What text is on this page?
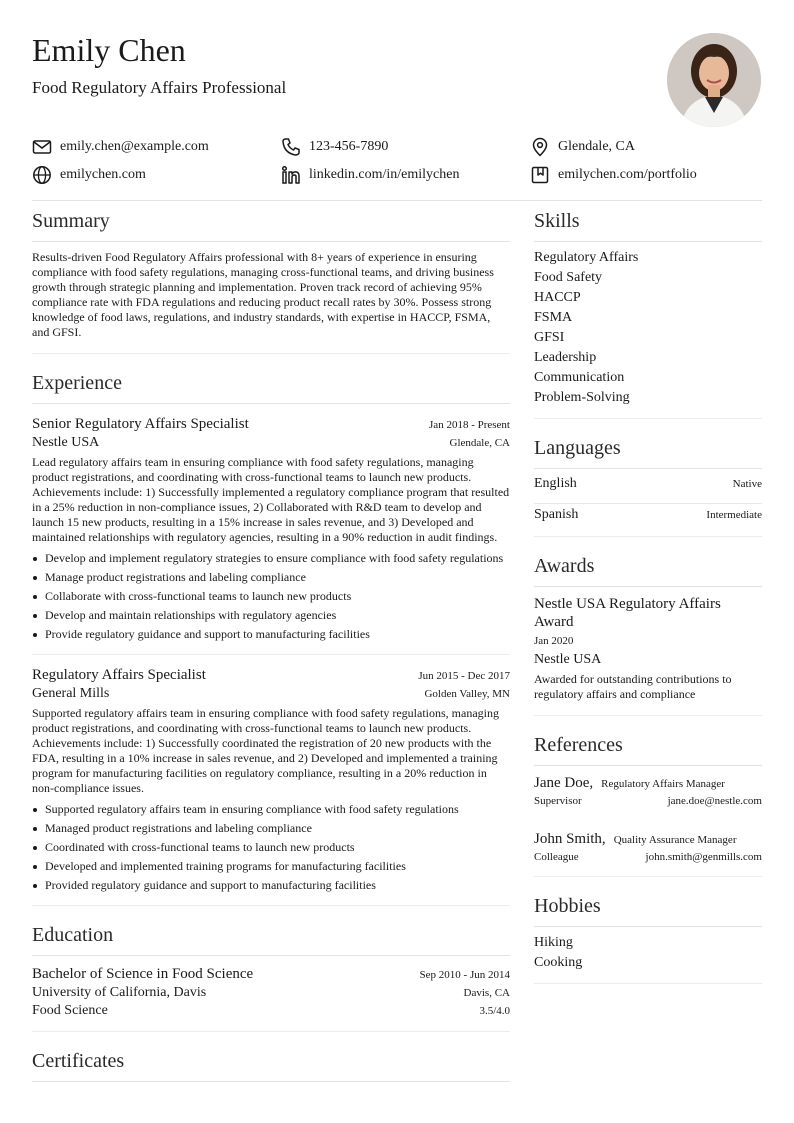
Emily Chen
Food Regulatory Affairs Professional
emily.chen@example.com	123-456-7890	Glendale, CA
emilychen.com	linkedin.com/in/emilychen	emilychen.com/portfolio
Summary
Results-driven Food Regulatory Affairs professional with 8+ years of experience in ensuring compliance with food safety regulations, managing cross-functional teams, and driving business growth through strategic planning and implementation. Proven track record of achieving 95% compliance rate with FDA regulations and reducing product recall rates by 30%. Possess strong knowledge of food laws, regulations, and industry standards, with expertise in HACCP, FSMA, and GFSI.
Experience
Senior Regulatory Affairs Specialist	Jan 2018 - Present
Nestle USA	Glendale, CA
Lead regulatory affairs team in ensuring compliance with food safety regulations, managing product registrations, and coordinating with cross-functional teams to launch new products. Achievements include: 1) Successfully implemented a regulatory compliance program that resulted in a 25% reduction in non-compliance issues, 2) Collaborated with R&D team to develop and launch 15 new products, resulting in a 15% increase in sales revenue, and 3) Developed and maintained relationships with regulatory agencies, resulting in a 90% reduction in audit findings.
Develop and implement regulatory strategies to ensure compliance with food safety regulations
Manage product registrations and labeling compliance
Collaborate with cross-functional teams to launch new products
Develop and maintain relationships with regulatory agencies
Provide regulatory guidance and support to manufacturing facilities
Regulatory Affairs Specialist	Jun 2015 - Dec 2017
General Mills	Golden Valley, MN
Supported regulatory affairs team in ensuring compliance with food safety regulations, managing product registrations, and coordinating with cross-functional teams to launch new products. Achievements include: 1) Successfully coordinated the registration of 20 new products with the FDA, resulting in a 10% increase in sales revenue, and 2) Developed and implemented a training program for manufacturing facilities on regulatory compliance, resulting in a 20% reduction in non-compliance issues.
Supported regulatory affairs team in ensuring compliance with food safety regulations
Managed product registrations and labeling compliance
Coordinated with cross-functional teams to launch new products
Developed and implemented training programs for manufacturing facilities
Provided regulatory guidance and support to manufacturing facilities
Education
Bachelor of Science in Food Science	Sep 2010 - Jun 2014
University of California, Davis	Davis, CA
Food Science	3.5/4.0
Certificates
Skills
Regulatory Affairs
Food Safety
HACCP
FSMA
GFSI
Leadership
Communication
Problem-Solving
Languages
English	Native
Spanish	Intermediate
Awards
Nestle USA Regulatory Affairs Award
Jan 2020
Nestle USA
Awarded for outstanding contributions to regulatory affairs and compliance
References
Jane Doe, Regulatory Affairs Manager
Supervisor	jane.doe@nestle.com
John Smith, Quality Assurance Manager
Colleague	john.smith@genmills.com
Hobbies
Hiking
Cooking
